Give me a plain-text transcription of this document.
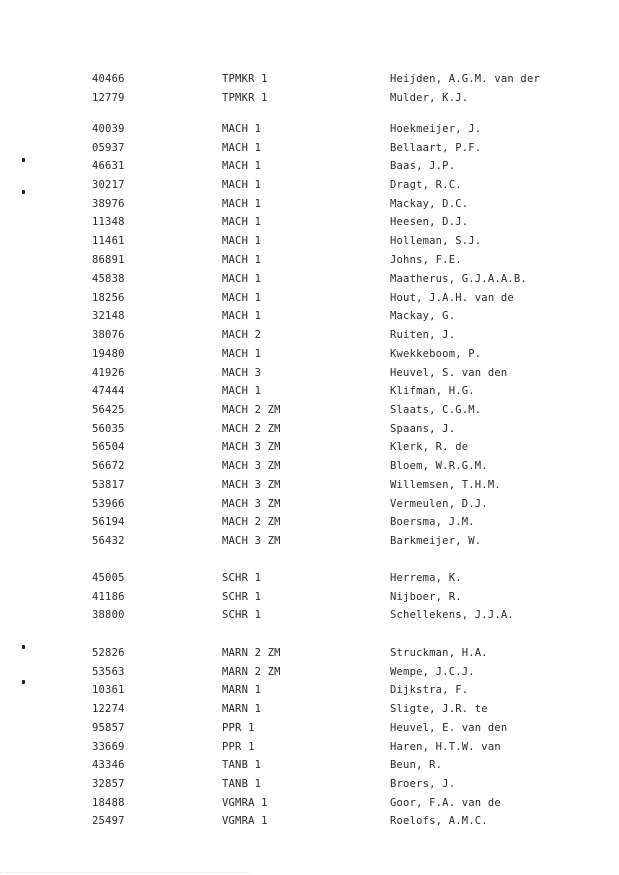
40466	TPMKR 1	Heijden, A.G.M. van der
12779	TPMKR 1	Mulder, K.J.
40039	MACH 1	Hoekmeijer, J.
05937	MACH 1	Bellaart, P.F.
46631	MACH 1	Baas, J.P.
30217	MACH 1	Dragt, R.C.
38976	MACH 1	Mackay, D.C.
11348	MACH 1	Heesen, D.J.
11461	MACH 1	Holleman, S.J.
86891	MACH 1	Johns, F.E.
45838	MACH 1	Maatherus, G.J.A.A.B.
18256	MACH 1	Hout, J.A.H. van de
32148	MACH 1	Mackay, G.
38076	MACH 2	Ruiten, J.
19480	MACH 1	Kwekkeboom, P.
41926	MACH 3	Heuvel, S. van den
47444	MACH 1	Klifman, H.G.
56425	MACH 2 ZM	Slaats, C.G.M.
56035	MACH 2 ZM	Spaans, J.
56504	MACH 3 ZM	Klerk, R. de
56672	MACH 3 ZM	Bloem, W.R.G.M.
53817	MACH 3 ZM	Willemsen, T.H.M.
53966	MACH 3 ZM	Vermeulen, D.J.
56194	MACH 2 ZM	Boersma, J.M.
56432	MACH 3 ZM	Barkmeijer, W.
45005	SCHR 1	Herrema, K.
41186	SCHR 1	Nijboer, R.
38800	SCHR 1	Schellekens, J.J.A.
52826	MARN 2 ZM	Struckman, H.A.
53563	MARN 2 ZM	Wempe, J.C.J.
10361	MARN 1	Dijkstra, F.
12274	MARN 1	Sligte, J.R. te
95857	PPR 1	Heuvel, E. van den
33669	PPR 1	Haren, H.T.W. van
43346	TANB 1	Beun, R.
32857	TANB 1	Broers, J.
18488	VGMRA 1	Goor, F.A. van de
25497	VGMRA 1	Roelofs, A.M.C.
